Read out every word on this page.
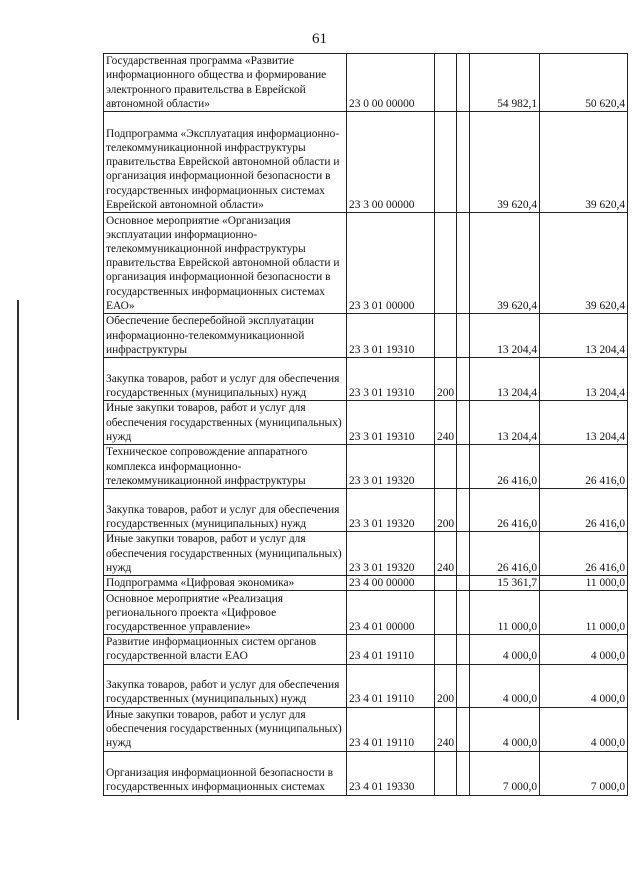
61
Государственная программа «Развитие информационного общества и формирование электронного правительства в Еврейской автономной области»	23 0 00 00000			54 982,1	50 620,4
Подпрограмма «Эксплуатация информационно-телекоммуникационной инфраструктуры правительства Еврейской автономной области и организация информационной безопасности в государственных информационных системах Еврейской автономной области»	23 3 00 00000			39 620,4	39 620,4
Основное мероприятие «Организация эксплуатации информационно-телекоммуникационной инфраструктуры правительства Еврейской автономной области и организация информационной безопасности в государственных информационных системах ЕАО»	23 3 01 00000			39 620,4	39 620,4
Обеспечение бесперебойной эксплуатации информационно-телекоммуникационной инфраструктуры	23 3 01 19310			13 204,4	13 204,4
Закупка товаров, работ и услуг для обеспечения государственных (муниципальных) нужд	23 3 01 19310	200		13 204,4	13 204,4
Иные закупки товаров, работ и услуг для обеспечения государственных (муниципальных) нужд	23 3 01 19310	240		13 204,4	13 204,4
Техническое сопровождение аппаратного комплекса информационно-телекоммуникационной инфраструктуры	23 3 01 19320			26 416,0	26 416,0
Закупка товаров, работ и услуг для обеспечения государственных (муниципальных) нужд	23 3 01 19320	200		26 416,0	26 416,0
Иные закупки товаров, работ и услуг для обеспечения государственных (муниципальных) нужд	23 3 01 19320	240		26 416,0	26 416,0
Подпрограмма «Цифровая экономика»	23 4 00 00000			15 361,7	11 000,0
Основное мероприятие «Реализация регионального проекта «Цифровое государственное управление»	23 4 01 00000			11 000,0	11 000,0
Развитие информационных систем органов государственной власти ЕАО	23 4 01 19110			4 000,0	4 000,0
Закупка товаров, работ и услуг для обеспечения государственных (муниципальных) нужд	23 4 01 19110	200		4 000,0	4 000,0
Иные закупки товаров, работ и услуг для обеспечения государственных (муниципальных) нужд	23 4 01 19110	240		4 000,0	4 000,0
Организация информационной безопасности в государственных информационных системах	23 4 01 19330			7 000,0	7 000,0
